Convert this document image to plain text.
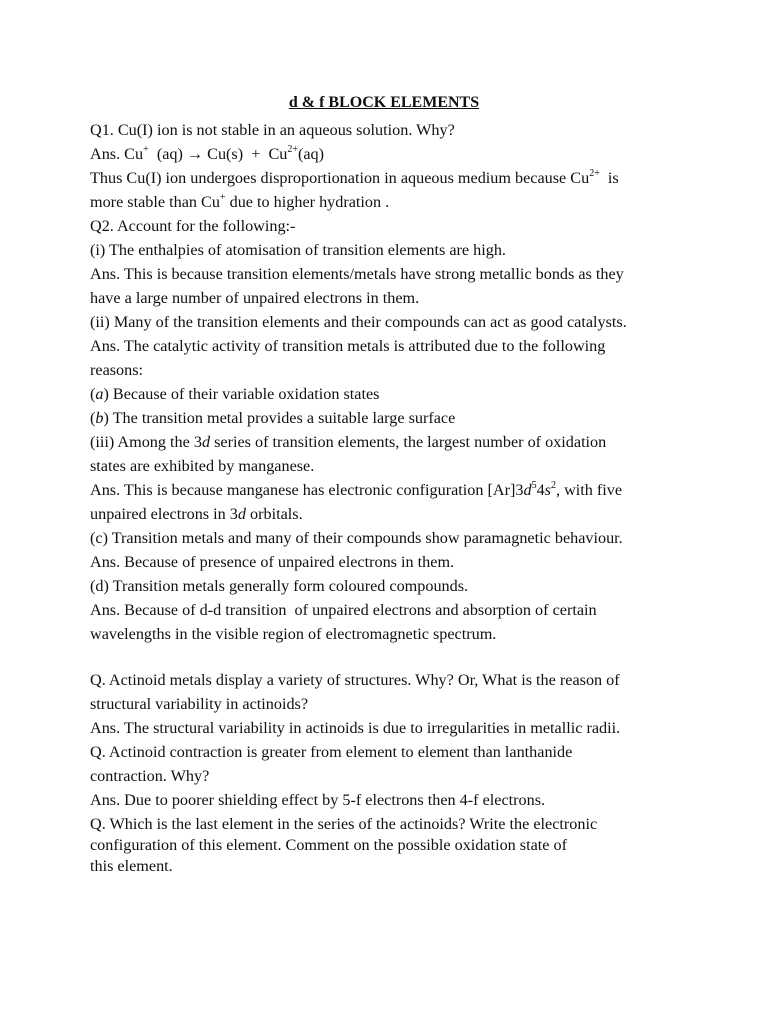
d & f BLOCK ELEMENTS
Q1. Cu(I) ion is not stable in an aqueous solution. Why?
Ans. Cu+  $(aq) \to Cu(s) + Cu^{2+}(aq)$
Thus Cu(I) ion undergoes disproportionation in aqueous medium because $Cu^{2+}$  is
more stable than Cu+ due to higher hydration .
Q2. Account for the following:-
(i) The enthalpies of atomisation of transition elements are high.
Ans. This is because transition elements/metals have strong metallic bonds as they
have a large number of unpaired electrons in them.
(ii) Many of the transition elements and their compounds can act as good catalysts.
Ans. The catalytic activity of transition metals is attributed due to the following
reasons:
(a) Because of their variable oxidation states
(b) The transition metal provides a suitable large surface
(iii) Among the 3d series of transition elements, the largest number of oxidation
states are exhibited by manganese.
Ans. This is because manganese has electronic configuration $[Ar]3d^54s^2$, with five
unpaired electrons in 3d orbitals.
(c) Transition metals and many of their compounds show paramagnetic behaviour.
Ans. Because of presence of unpaired electrons in them.
(d) Transition metals generally form coloured compounds.
Ans. Because of d-d transition  of unpaired electrons and absorption of certain
wavelengths in the visible region of electromagnetic spectrum.
Q. Actinoid metals display a variety of structures. Why? Or, What is the reason of
structural variability in actinoids?
Ans. The structural variability in actinoids is due to irregularities in metallic radii.
Q. Actinoid contraction is greater from element to element than lanthanide
contraction. Why?
Ans. Due to poorer shielding effect by 5-f electrons then 4-f electrons.
Q. Which is the last element in the series of the actinoids? Write the electronic
configuration of this element. Comment on the possible oxidation state of
this element.
